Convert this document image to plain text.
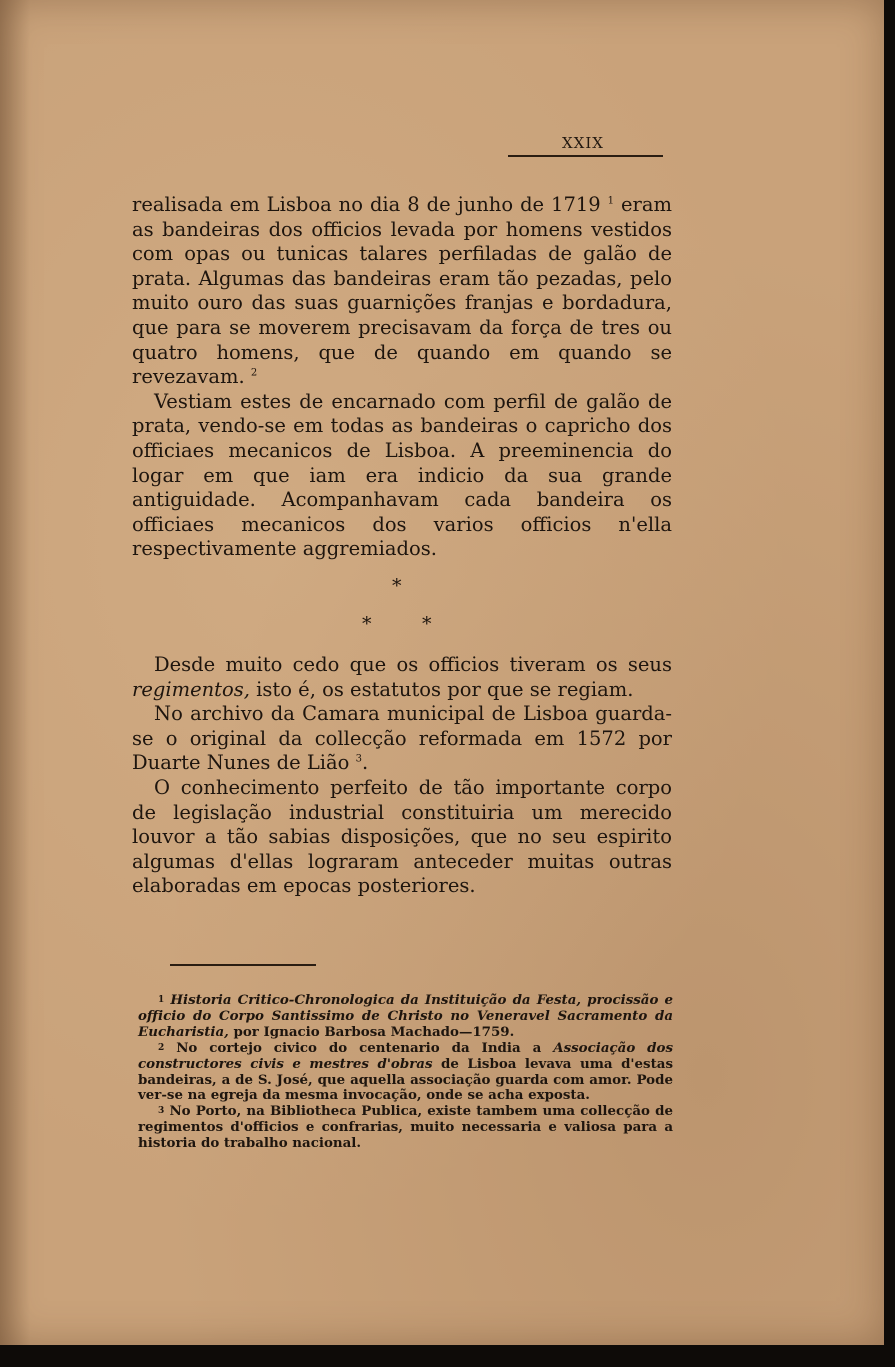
XXIX

realisada em Lisboa no dia 8 de junho de 1719 $^1$ eram as bandeiras dos officios levada por homens vestidos com opas ou tunicas talares perfiladas de galão de prata. Algumas das bandeiras eram tão pezadas, pelo muito ouro das suas guarnições franjas e bordadura, que para se moverem precisavam da força de tres ou quatro homens, que de quando em quando se revezavam. $^2$

Vestiam estes de encarnado com perfil de galão de prata, vendo-se em todas as bandeiras o capricho dos officiaes mecanicos de Lisboa. A preeminencia do logar em que iam era indicio da sua grande antiguidade. Acompanhavam cada bandeira os officiaes mecanicos dos varios officios n'ella respectivamente aggremiados.

*
*	*

Desde muito cedo que os officios tiveram os seus regimentos, isto é, os estatutos por que se regiam.

No archivo da Camara municipal de Lisboa guarda-se o original da collecção reformada em 1572 por Duarte Nunes de Lião $^3$.

O conhecimento perfeito de tão importante corpo de legislação industrial constituiria um merecido louvor a tão sabias disposições, que no seu espirito algumas d'ellas lograram anteceder muitas outras elaboradas em epocas posteriores.

$^1$ Historia Critico-Chronologica da Instituição da Festa, procissão e officio do Corpo Santissimo de Christo no Veneravel Sacramento da Eucharistia, por Ignacio Barbosa Machado—1759.

$^2$ No cortejo civico do centenario da India a Associação dos constructores civis e mestres d'obras de Lisboa levava uma d'estas bandeiras, a de S. José, que aquella associação guarda com amor. Pode ver-se na egreja da mesma invocação, onde se acha exposta.

$^3$ No Porto, na Bibliotheca Publica, existe tambem uma collecção de regimentos d'officios e confrarias, muito necessaria e valiosa para a historia do trabalho nacional.
